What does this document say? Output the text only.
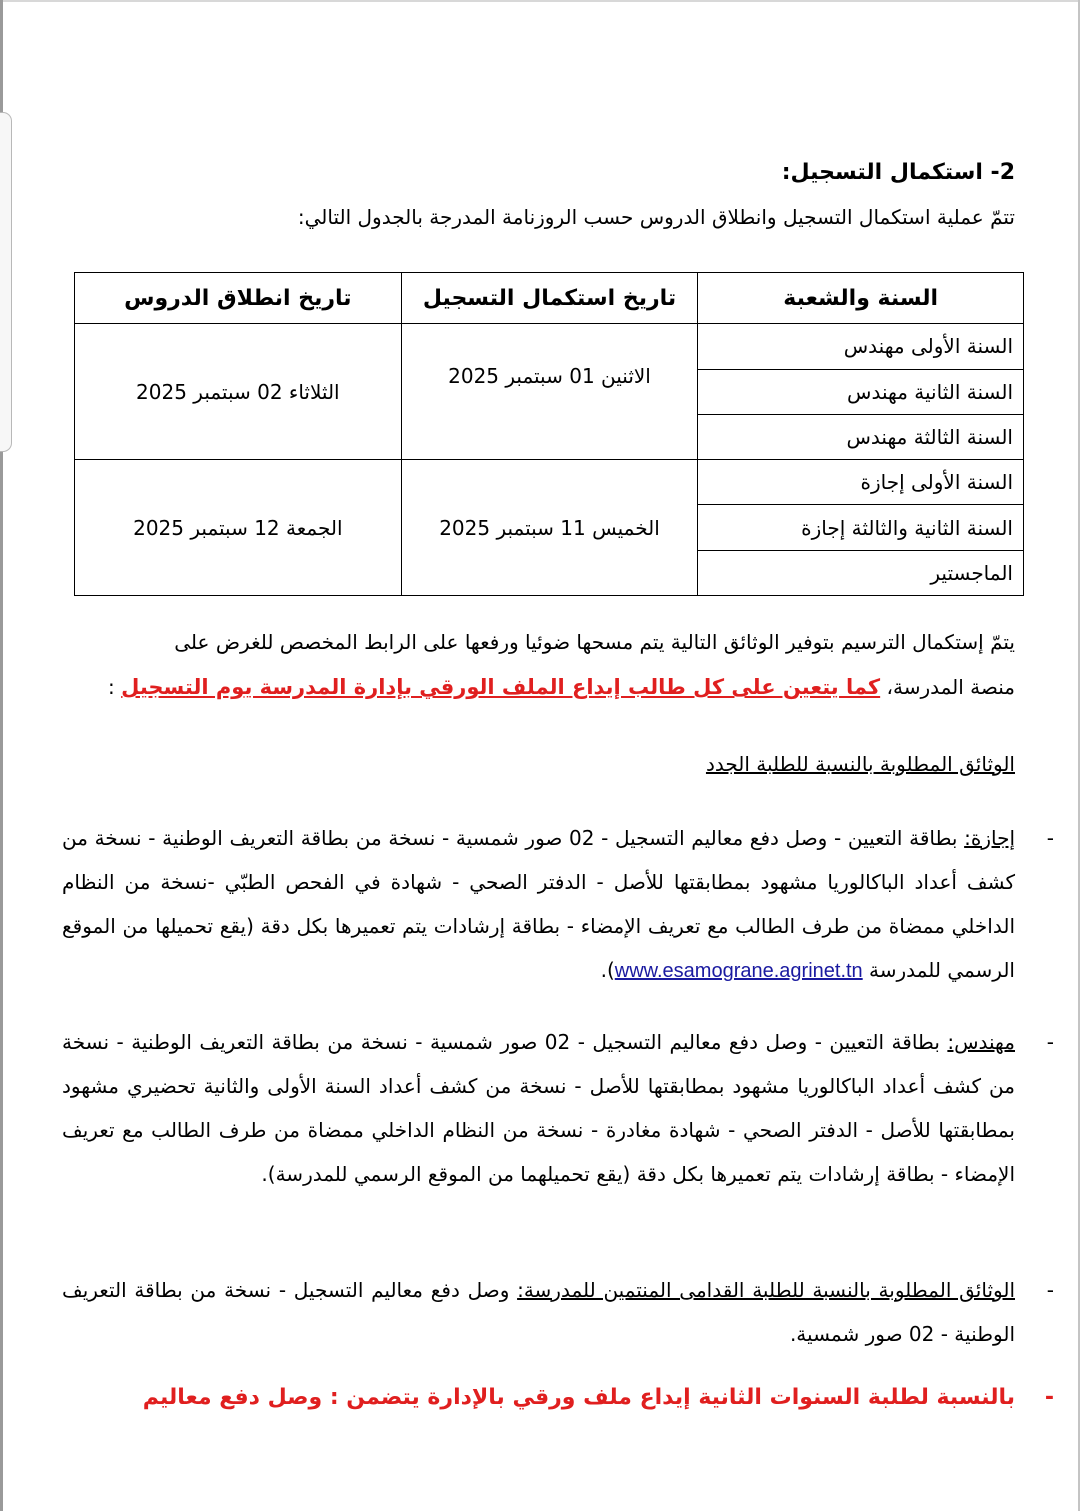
2- استكمال التسجيل:
تتمّ عملية استكمال التسجيل وانطلاق الدروس حسب الروزنامة المدرجة بالجدول التالي:
السنة والشعبة	تاريخ استكمال التسجيل	تاريخ انطلاق الدروس
السنة الأولى مهندس	الاثنين 01 سبتمبر 2025	الثلاثاء 02 سبتمبر 2025
السنة الثانية مهندس		
السنة الثالثة مهندس		
السنة الأولى إجازة	الخميس 11 سبتمبر 2025	الجمعة 12 سبتمبر 2025
السنة الثانية والثالثة إجازة		
الماجستير		
يتمّ إستكمال الترسيم بتوفير الوثائق التالية يتم مسحها ضوئيا ورفعها على الرابط المخصص للغرض على
منصة المدرسة، كما يتعين على كل طالب إيداع الملف الورقي بإدارة المدرسة يوم التسجيل :
الوثائق المطلوبة بالنسبة للطلبة الجدد
-
إجازة: بطاقة التعيين - وصل دفع معاليم التسجيل - 02 صور شمسية - نسخة من بطاقة التعريف الوطنية - نسخة من كشف أعداد الباكالوريا مشهود بمطابقتها للأصل - الدفتر الصحي - شهادة في الفحص الطبّي -نسخة من النظام الداخلي ممضاة من طرف الطالب مع تعريف الإمضاء - بطاقة إرشادات يتم تعميرها بكل دقة (يقع تحميلها من الموقع الرسمي للمدرسة www.esamograne.agrinet.tn).
-
مهندس: بطاقة التعيين - وصل دفع معاليم التسجيل - 02 صور شمسية - نسخة من بطاقة التعريف الوطنية - نسخة من كشف أعداد الباكالوريا مشهود بمطابقتها للأصل - نسخة من كشف أعداد السنة الأولى والثانية تحضيري مشهود بمطابقتها للأصل - الدفتر الصحي - شهادة مغادرة - نسخة من النظام الداخلي ممضاة من طرف الطالب مع تعريف الإمضاء - بطاقة إرشادات يتم تعميرها بكل دقة (يقع تحميلهما من الموقع الرسمي للمدرسة).
-
الوثائق المطلوبة بالنسبة للطلبة القدامى المنتمين للمدرسة: وصل دفع معاليم التسجيل - نسخة من بطاقة التعريف الوطنية - 02 صور شمسية.
-
بالنسبة لطلبة السنوات الثانية إيداع ملف ورقي بالإدارة يتضمن : وصل دفع معاليم
